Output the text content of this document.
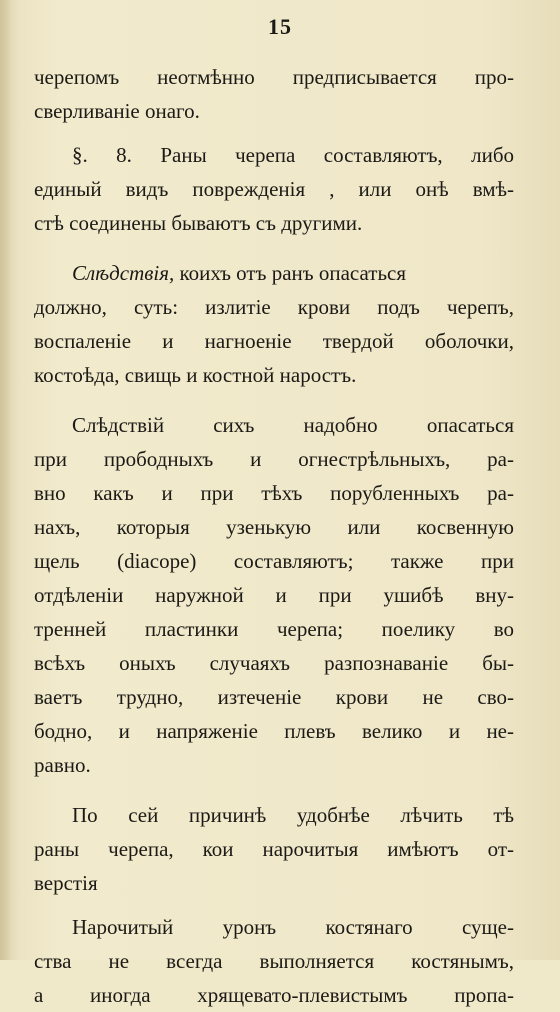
15
черепомъ неотмѣнно предписывается про-
сверливаніе онаго.
§. 8. Раны черепа составляютъ, либо
единый видъ поврежденія , или онѣ вмѣ-
стѣ соединены бываютъ съ другими.
Слѣдствія, коихъ отъ ранъ опасаться
должно, суть: излитіе крови подъ черепъ,
воспаленіе и нагноеніе твердой оболочки,
костоѣда, свищь и костной наростъ.
Слѣдствій сихъ надобно опасаться
при прободныхъ и огнестрѣльныхъ, ра-
вно какъ и при тѣхъ порубленныхъ ра-
нахъ, которыя узенькую или косвенную
щель (diacope) составляютъ; также при
отдѣленіи наружной и при ушибѣ вну-
тренней пластинки черепа; поелику во
всѣхъ оныхъ случаяхъ разпознаваніе бы-
ваетъ трудно, изтеченіе крови не сво-
бодно, и напряженіе плевъ велико и не-
равно.
По сей причинѣ удобнѣе лѣчить тѣ
раны черепа, кои нарочитыя имѣютъ от-
верстія
Нарочитый уронъ костянаго суще-
ства не всегда выполняется костянымъ,
а иногда хрящеватo-плевистымъ пропа-
